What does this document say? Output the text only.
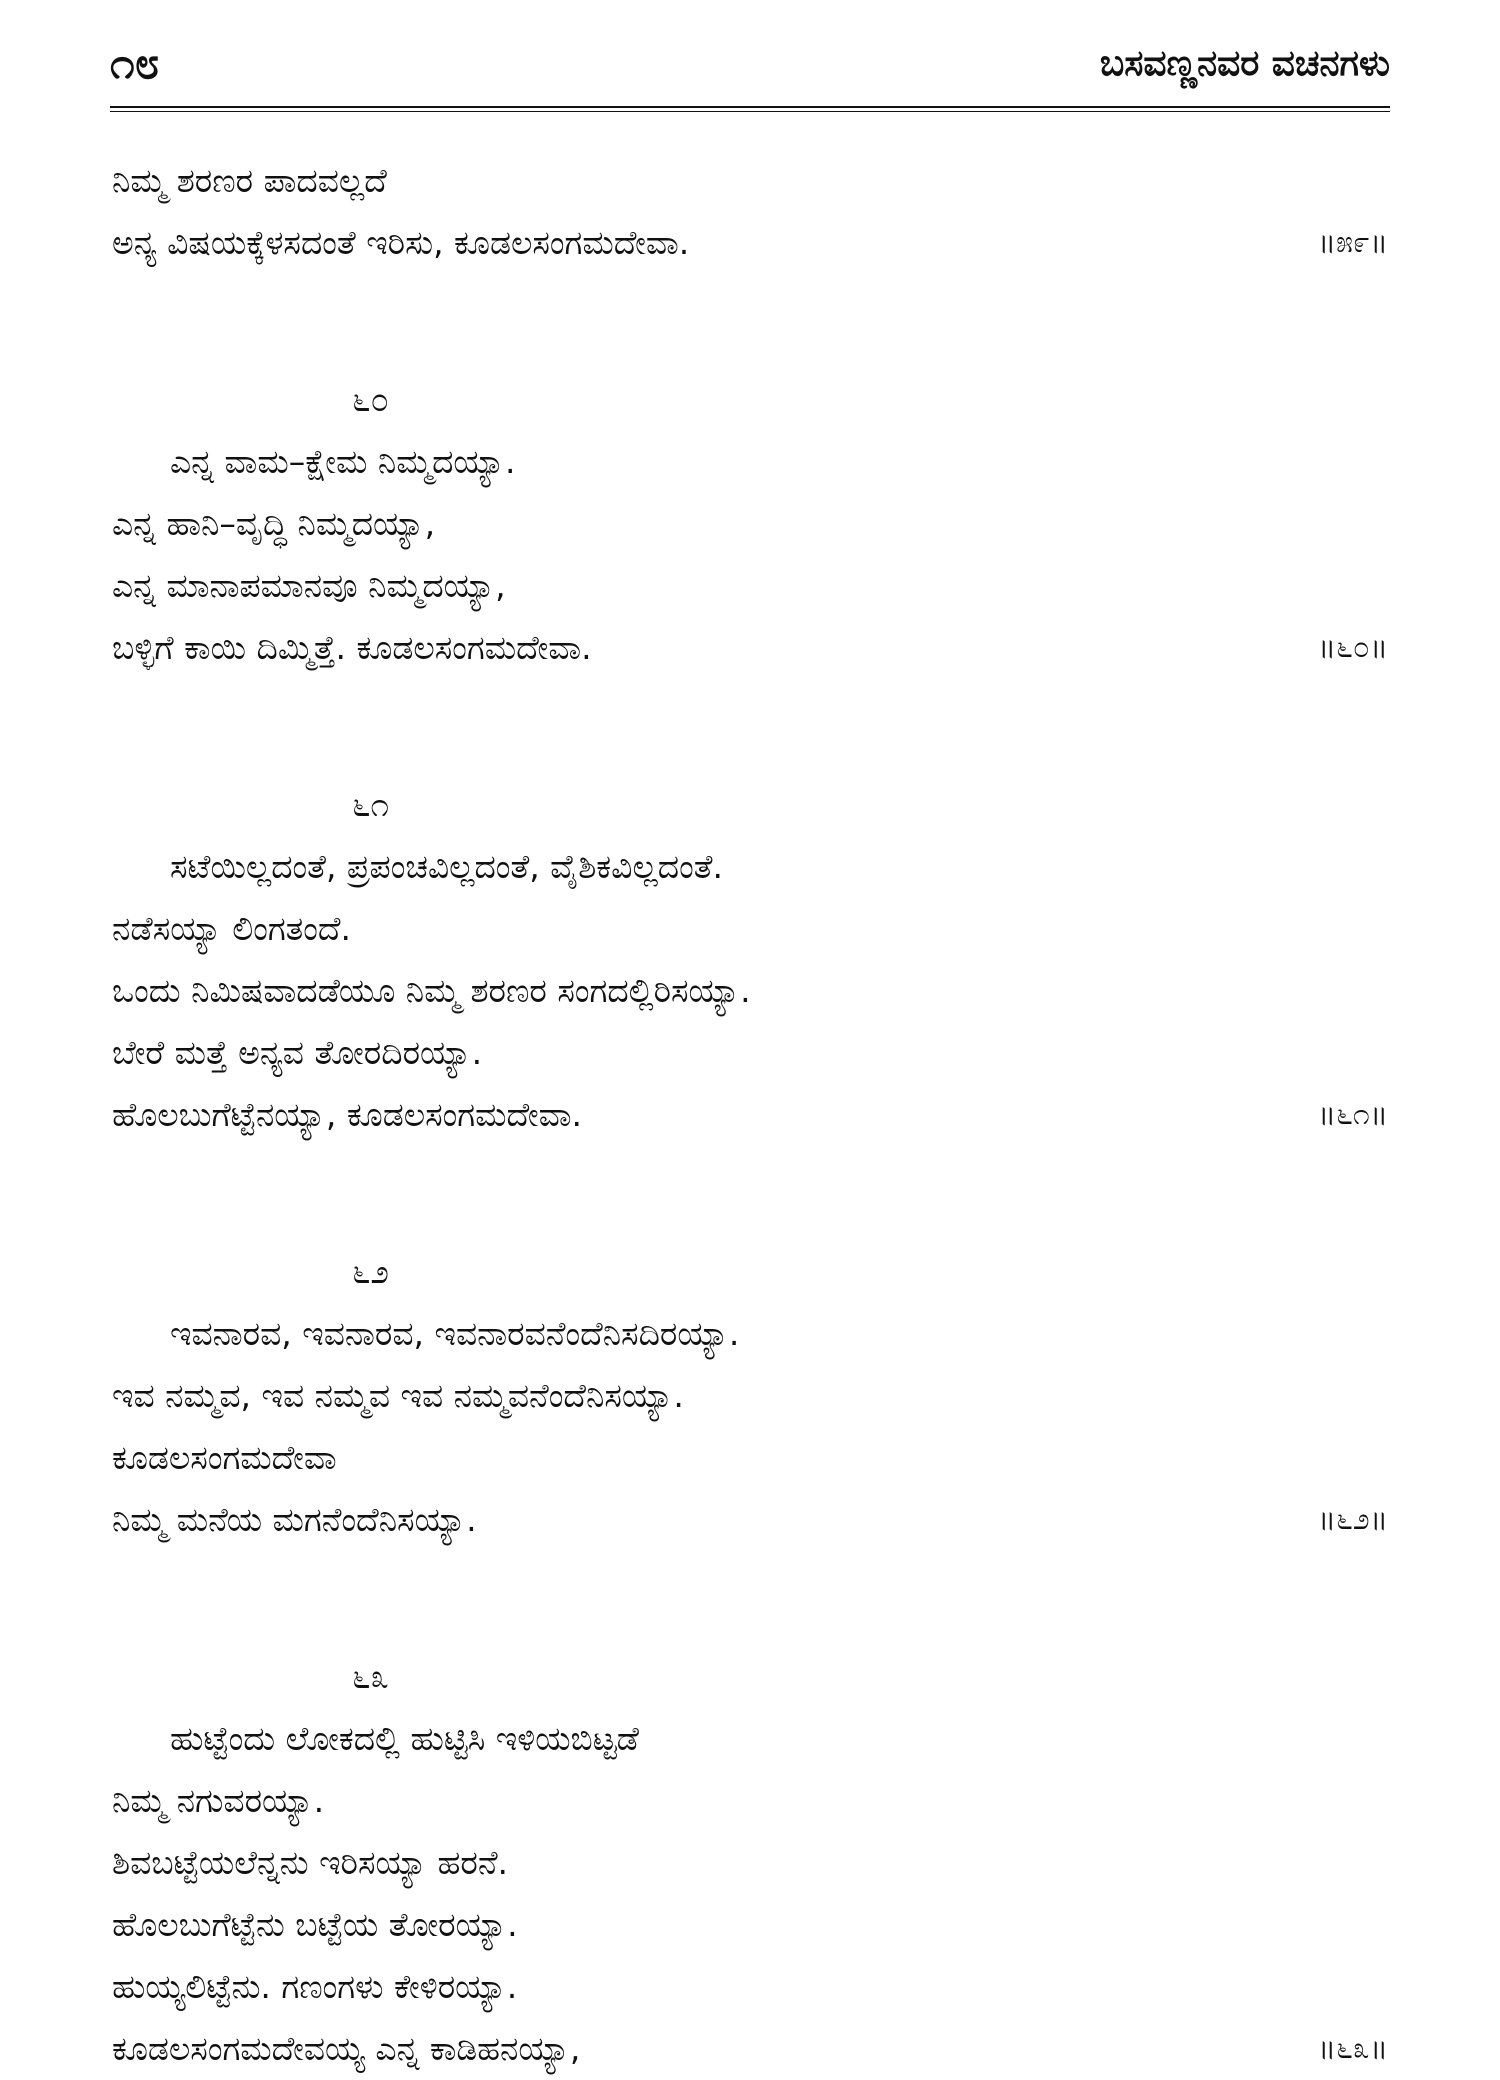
೧೮	ಬಸವಣ್ಣನವರ ವಚನಗಳು
ನಿಮ್ಮ ಶರಣರ ಪಾದವಲ್ಲದೆ
ಅನ್ಯ ವಿಷಯಕ್ಕೆಳಸದಂತೆ ಇರಿಸು, ಕೂಡಲಸಂಗಮದೇವಾ.	॥೫೯॥
೬೦
ಎನ್ನ ವಾಮ–ಕ್ಷೇಮ ನಿಮ್ಮದಯ್ಯಾ.
ಎನ್ನ ಹಾನಿ–ವೃದ್ಧಿ ನಿಮ್ಮದಯ್ಯಾ,
ಎನ್ನ ಮಾನಾಪಮಾನವೂ ನಿಮ್ಮದಯ್ಯಾ,
ಬಳ್ಳಿಗೆ ಕಾಯಿ ದಿಮ್ಮಿತ್ತೆ. ಕೂಡಲಸಂಗಮದೇವಾ.	॥೬೦॥
೬೧
ಸಟೆಯಿಲ್ಲದಂತೆ, ಪ್ರಪಂಚವಿಲ್ಲದಂತೆ, ವೈಶಿಕವಿಲ್ಲದಂತೆ.
ನಡೆಸಯ್ಯಾ ಲಿಂಗತಂದೆ.
ಒಂದು ನಿಮಿಷವಾದಡೆಯೂ ನಿಮ್ಮ ಶರಣರ ಸಂಗದಲ್ಲಿರಿಸಯ್ಯಾ.
ಬೇರೆ ಮತ್ತೆ ಅನ್ಯವ ತೋರದಿರಯ್ಯಾ.
ಹೊಲಬುಗೆಟ್ಟೆನಯ್ಯಾ, ಕೂಡಲಸಂಗಮದೇವಾ.	॥೬೧॥
೬೨
ಇವನಾರವ, ಇವನಾರವ, ಇವನಾರವನೆಂದೆನಿಸದಿರಯ್ಯಾ.
ಇವ ನಮ್ಮವ, ಇವ ನಮ್ಮವ ಇವ ನಮ್ಮವನೆಂದೆನಿಸಯ್ಯಾ.
ಕೂಡಲಸಂಗಮದೇವಾ
ನಿಮ್ಮ ಮನೆಯ ಮಗನೆಂದೆನಿಸಯ್ಯಾ.	॥೬೨॥
೬೩
ಹುಟ್ಟೆಂದು ಲೋಕದಲ್ಲಿ ಹುಟ್ಟಿಸಿ ಇಳಿಯಬಿಟ್ಟಡೆ
ನಿಮ್ಮ ನಗುವರಯ್ಯಾ.
ಶಿವಬಟ್ಟೆಯಲೆನ್ನನು ಇರಿಸಯ್ಯಾ ಹರನೆ.
ಹೊಲಬುಗೆಟ್ಟೆನು ಬಟ್ಟೆಯ ತೋರಯ್ಯಾ.
ಹುಯ್ಯಲಿಟ್ಟೆನು. ಗಣಂಗಳು ಕೇಳಿರಯ್ಯಾ.
ಕೂಡಲಸಂಗಮದೇವಯ್ಯ ಎನ್ನ ಕಾಡಿಹನಯ್ಯಾ,	॥೬೩॥
